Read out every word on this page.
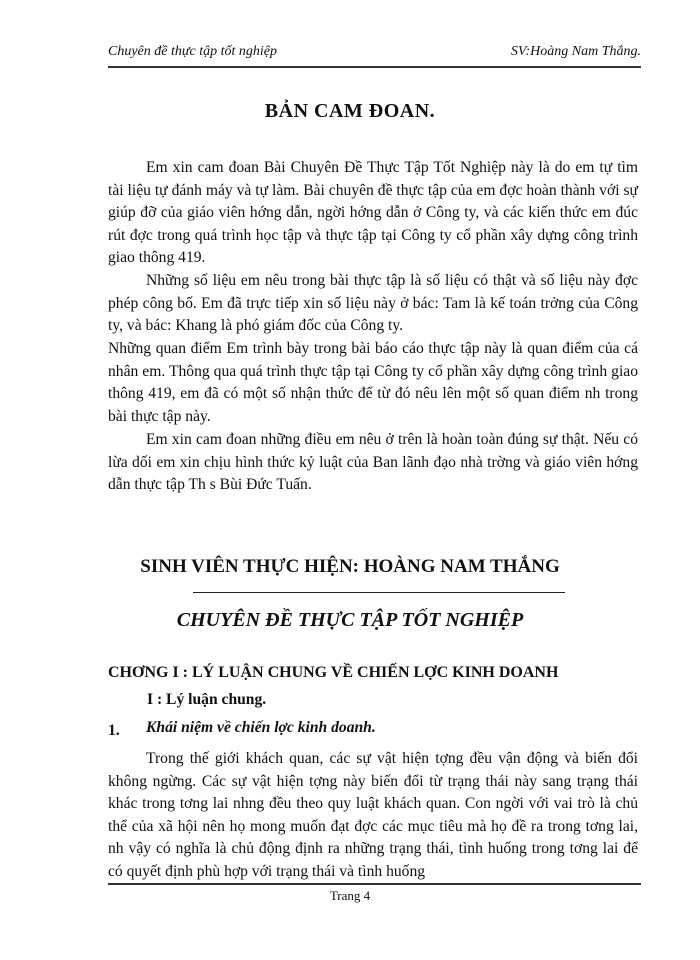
Chuyên đề thực tập tốt nghiệp	SV:Hoàng Nam Thắng.
BẢN CAM ĐOAN.

Em xin cam đoan Bài Chuyên Đề Thực Tập Tốt Nghiệp này là do em tự tìm tài liệu tự đánh máy và tự làm. Bài chuyên đề thực tập của em đợc hoàn thành với sự giúp đỡ của giáo viên hớng dẫn, ngời hớng dẫn ở Công ty, và các kiến thức em đúc rút đợc trong quá trình học tập và thực tập tại Công ty cổ phần xây dựng công trình giao thông 419.

Những số liệu em nêu trong bài thực tập là số liệu có thật và số liệu này đợc phép công bố. Em đã trực tiếp xin số liệu này ở bác: Tam là kế toán trởng của Công ty, và bác: Khang là phó giám đốc của Công ty.

Những quan điểm Em trình bày trong bài báo cáo thực tập này là quan điểm của cá nhân em. Thông qua quá trình thực tập tại Công ty cổ phần xây dựng công trình giao thông 419, em đã có một số nhận thức để từ đó nêu lên một số quan điểm nh trong bài thực tập này.

Em xin cam đoan những điều em nêu ở trên là hoàn toàn đúng sự thật. Nếu có lừa dối em xin chịu hình thức kỷ luật của Ban lãnh đạo nhà trờng và giáo viên hớng dẫn thực tập Th s Bùi Đức Tuấn.

SINH VIÊN THỰC HIỆN: HOÀNG NAM THẮNG
CHUYÊN ĐỀ THỰC TẬP TỐT NGHIỆP
CHƠNG I : LÝ LUẬN CHUNG VỀ CHIẾN LỢC KINH DOANH
I : Lý luận chung.
1. Khái niệm về chiến lợc kinh doanh.

Trong thế giới khách quan, các sự vật hiện tợng đều vận động và biến đổi không ngừng. Các sự vật hiện tợng này biến đổi từ trạng thái này sang trạng thái khác trong tơng lai nhng đều theo quy luật khách quan. Con ngời với vai trò là chủ thể của xã hội nên họ mong muốn đạt đợc các mục tiêu mà họ đề ra trong tơng lai, nh vậy có nghĩa là chủ động định ra những trạng thái, tình huống trong tơng lai để có quyết định phù hợp với trạng thái và tình huống

Trang 4
